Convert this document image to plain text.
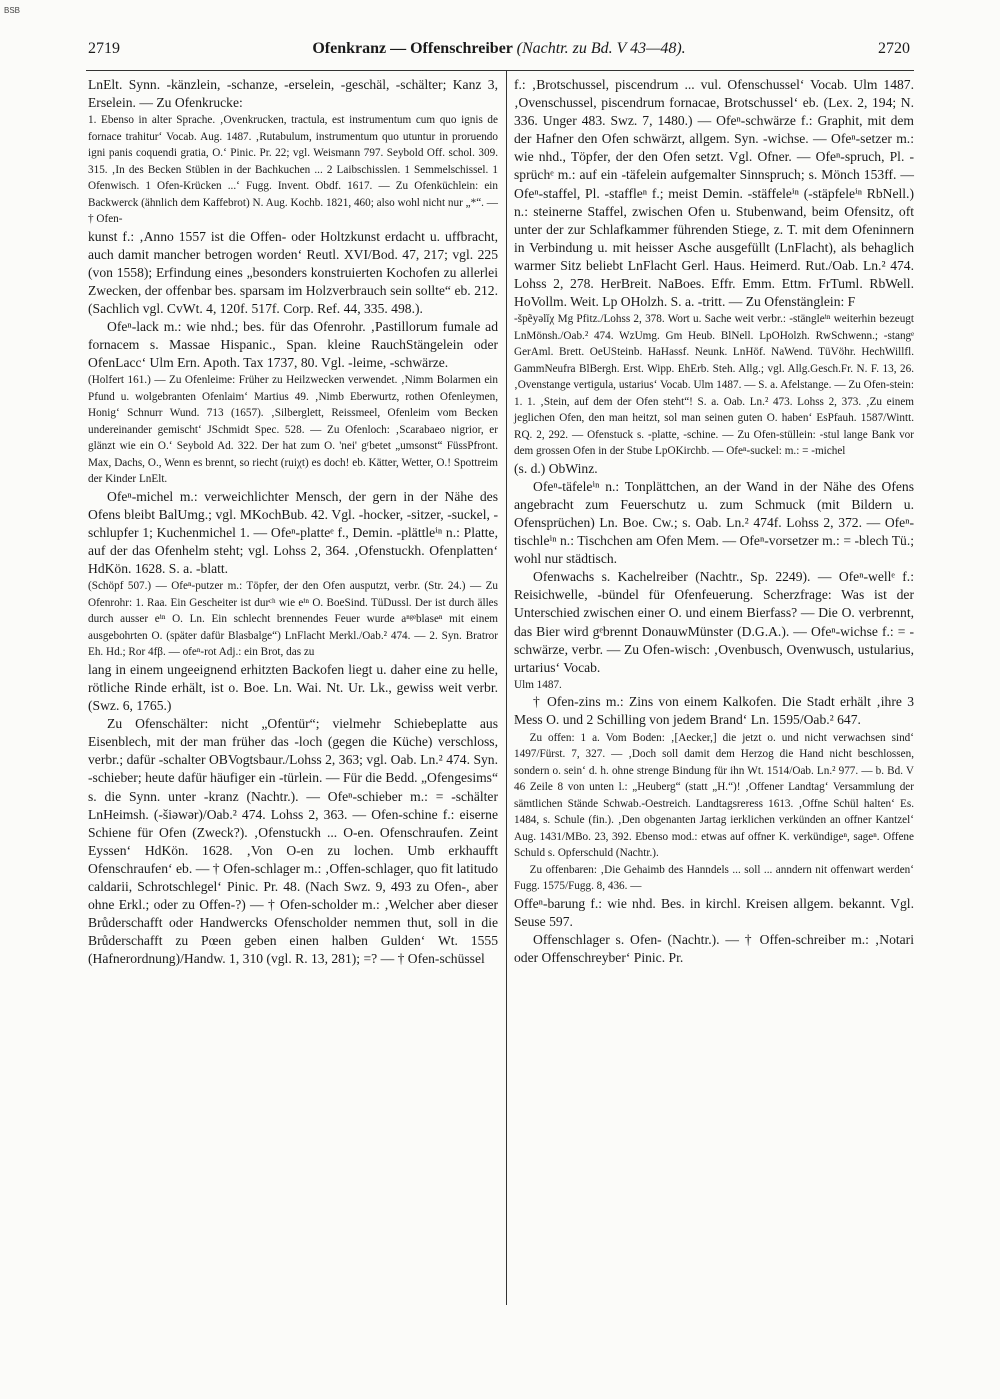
BSB
2719	Ofenkranz — Offenschreiber (Nachtr. zu Bd. V 43—48).	2720

LnElt. Synn. -känzlein, -schanze, -erselein, -geschäl, -schälter; Kanz 3, Erselein. — Zu Ofenkrucke:

1. Ebenso in alter Sprache. ‚Ovenkrucken, tractula, est instrumentum cum quo ignis de fornace trahitur‘ Vocab. Aug. 1487. ‚Rutabulum, instrumentum quo utuntur in proruendo igni panis coquendi gratia, O.‘ Pinic. Pr. 22; vgl. Weismann 797. Seybold Off. schol. 309. 315. ‚In des Becken Stüblen in der Bachkuchen ... 2 Laibschisslen. 1 Semmelschissel. 1 Ofenwisch. 1 Ofen-Krücken ...‘ Fugg. Invent. Obdf. 1617. — Zu Ofenküchlein: ein Backwerck (ähnlich dem Kaffebrot) N. Aug. Kochb. 1821, 460; also wohl nicht nur „*“. — † Ofen-

kunst f.: ‚Anno 1557 ist die Offen- oder Holtzkunst erdacht u. uffbracht, auch damit mancher betrogen worden‘ Reutl. XVI/Bod. 47, 217; vgl. 225 (von 1558); Erfindung eines „besonders konstruierten Kochofen zu allerlei Zwecken, der offenbar bes. sparsam im Holzverbrauch sein sollte“ eb. 212. (Sachlich vgl. CvWt. 4, 120f. 517f. Corp. Ref. 44, 335. 498.).

Ofeⁿ-lack m.: wie nhd.; bes. für das Ofenrohr. ‚Pastillorum fumale ad fornacem s. Massae Hispanic., Span. kleine RauchStängelein oder OfenLacc‘ Ulm Ern. Apoth. Tax 1737, 80. Vgl. -leime, -schwärze.

(Holfert 161.) — Zu Ofenleime: Früher zu Heilzwecken verwendet. ‚Nimm Bolarmen ein Pfund u. wolgebranten Ofenlaim‘ Martius 49. ‚Nimb Eberwurtz, rothen Ofenleymen, Honig‘ Schnurr Wund. 713 (1657). ‚Silberglett, Reissmeel, Ofenleim vom Becken undereinander gemischt‘ JSchmidt Spec. 528. — Zu Ofenloch: ‚Scarabaeo nigrior, er glänzt wie ein O.‘ Seybold Ad. 322. Der hat zum O. 'nei' gʳbetet „umsonst“ FüssPfront. Max, Dachs, O., Wenn es brennt, so riecht (ruiχt) es doch! eb. Kätter, Wetter, O.! Spottreim der Kinder LnElt.

Ofeⁿ-michel m.: verweichlichter Mensch, der gern in der Nähe des Ofens bleibt BalUmg.; vgl. MKochBub. 42. Vgl. -hocker, -sitzer, -suckel, -schlupfer 1; Kuchenmichel 1. — Ofeⁿ-platteᵉ f., Demin. -plättleⁱⁿ n.: Platte, auf der das Ofenhelm steht; vgl. Lohss 2, 364. ‚Ofenstuckh. Ofenplatten‘ HdKön. 1628. S. a. -blatt.

(Schöpf 507.) — Ofeⁿ-putzer m.: Töpfer, der den Ofen ausputzt, verbr. (Str. 24.) — Zu Ofenrohr: 1. Raa. Ein Gescheiter ist durᶜʰ wie eⁱⁿ O. BoeSind. TüDussl. Der ist durch älles durch ausser eⁱⁿ O. Ln. Ein schlecht brennendes Feuer wurde aⁿᵍᵉblaseⁿ mit einem ausgebohrten O. (später dafür Blasbalge“) LnFlacht Merkl./Oab.² 474. — 2. Syn. Bratror Eh. Hd.; Ror 4fβ. — ofeⁿ-rot Adj.: ein Brot, das zu

lang in einem ungeeignend erhitzten Backofen liegt u. daher eine zu helle, rötliche Rinde erhält, ist o. Boe. Ln. Wai. Nt. Ur. Lk., gewiss weit verbr. (Swz. 6, 1765.)

Zu Ofenschälter: nicht „Ofentür“; vielmehr Schiebeplatte aus Eisenblech, mit der man früher das -loch (gegen die Küche) verschloss, verbr.; dafür -schalter OBVogtsbaur./Lohss 2, 363; vgl. Oab. Ln.² 474. Syn. -schieber; heute dafür häufiger ein -türlein. — Für die Bedd. „Ofengesims“ s. die Synn. unter -kranz (Nachtr.). — Ofeⁿ-schieber m.: = -schälter LnHeimsh. (-šiəwər)/Oab.² 474. Lohss 2, 363. — Ofen-schine f.: eiserne Schiene für Ofen (Zweck?). ‚Ofenstuckh ... O-en. Ofenschraufen. Zeint Eyssen‘ HdKön. 1628. ‚Von O-en zu lochen. Umb erkhaufft Ofenschraufen‘ eb. — † Ofen-schlager m.: ‚Offen-schlager, quo fit latitudo caldarii, Schrotschlegel‘ Pinic. Pr. 48. (Nach Swz. 9, 493 zu Ofen-, aber ohne Erkl.; oder zu Offen-?) — † Ofen-scholder m.: ‚Welcher aber dieser Brůderschafft oder Handwercks Ofenscholder nemmen thut, soll in die Brůderschafft zu Pœen geben einen halben Gulden‘ Wt. 1555 (Hafnerordnung)/Handw. 1, 310 (vgl. R. 13, 281); =? — † Ofen-schüssel

f.: ‚Brotschussel, piscendrum ... vul. Ofenschussel‘ Vocab. Ulm 1487. ‚Ovenschussel, piscendrum fornacae, Brotschussel‘ eb. (Lex. 2, 194; N. 336. Unger 483. Swz. 7, 1480.) — Ofeⁿ-schwärze f.: Graphit, mit dem der Hafner den Ofen schwärzt, allgem. Syn. -wichse. — Ofeⁿ-setzer m.: wie nhd., Töpfer, der den Ofen setzt. Vgl. Ofner. — Ofeⁿ-spruch, Pl. -sprüchᵉ m.: auf ein -täfelein aufgemalter Sinnspruch; s. Mönch 153ff. — Ofeⁿ-staffel, Pl. -staffleⁿ f.; meist Demin. -stäffeleⁱⁿ (-stäpfeleⁱⁿ RbNell.) n.: steinerne Staffel, zwischen Ofen u. Stubenwand, beim Ofensitz, oft unter der zur Schlafkammer führenden Stiege, z. T. mit dem Ofeninnern in Verbindung u. mit heisser Asche ausgefüllt (LnFlacht), als behaglich warmer Sitz beliebt LnFlacht Gerl. Haus. Heimerd. Rut./Oab. Ln.² 474. Lohss 2, 278. HerBreit. NaBoes. Effr. Emm. Ettm. FrTuml. RbWell. HoVollm. Weit. Lp OHolzh. S. a. -tritt. — Zu Ofenstänglein: F

-špẽyəlĭχ Mg Pfitz./Lohss 2, 378. Wort u. Sache weit verbr.: -stängleⁱⁿ weiterhin bezeugt LnMönsh./Oab.² 474. WzUmg. Gm Heub. BlNell. LpOHolzh. RwSchwenn.; -stangᵉ GerAml. Brett. OeUSteinb. HaHassf. Neunk. LnHöf. NaWend. TüVöhr. HechWillfl. GammNeufra BlBergh. Erst. Wipp. EhErb. Steh. Allg.; vgl. Allg.Gesch.Fr. N. F. 13, 26. ‚Ovenstange vertigula, ustarius‘ Vocab. Ulm 1487. — S. a. Afelstange. — Zu Ofen-stein: 1. 1. ‚Stein, auf dem der Ofen steht“! S. a. Oab. Ln.² 473. Lohss 2, 373. ‚Zu einem jeglichen Ofen, den man heitzt, sol man seinen guten O. haben‘ EsPfauh. 1587/Wintt. RQ. 2, 292. — Ofenstuck s. -platte, -schine. — Zu Ofen-stüllein: -stul lange Bank vor dem grossen Ofen in der Stube LpOKirchb. — Ofeⁿ-suckel: m.: = -michel

(s. d.) ObWinz.

Ofeⁿ-täfeleⁱⁿ n.: Tonplättchen, an der Wand in der Nähe des Ofens angebracht zum Feuerschutz u. zum Schmuck (mit Bildern u. Ofensprüchen) Ln. Boe. Cw.; s. Oab. Ln.² 474f. Lohss 2, 372. — Ofeⁿ-tischleⁱⁿ n.: Tischchen am Ofen Mem. — Ofeⁿ-vorsetzer m.: = -blech Tü.; wohl nur städtisch.

Ofenwachs s. Kachelreiber (Nachtr., Sp. 2249). — Ofeⁿ-wellᵉ f.: Reisichwelle, -bündel für Ofenfeuerung. Scherzfrage: Was ist der Unterschied zwischen einer O. und einem Bierfass? — Die O. verbrennt, das Bier wird gᵉbrennt DonauwMünster (D.G.A.). — Ofeⁿ-wichse f.: = -schwärze, verbr. — Zu Ofen-wisch: ‚Ovenbusch, Ovenwusch, ustularius, urtarius‘ Vocab.

Ulm 1487.

† Ofen-zins m.: Zins von einem Kalkofen. Die Stadt erhält ‚ihre 3 Mess O. und 2 Schilling von jedem Brand‘ Ln. 1595/Oab.² 647.

Zu offen: 1 a. Vom Boden: ‚[Aecker,] die jetzt o. und nicht verwachsen sind‘ 1497/Fürst. 7, 327. — ‚Doch soll damit dem Herzog die Hand nicht beschlossen, sondern o. sein‘ d. h. ohne strenge Bindung für ihn Wt. 1514/Oab. Ln.² 977. — b. Bd. V 46 Zeile 8 von unten l.: „Heuberg“ (statt „H.“)! ‚Offener Landtag‘ Versammlung der sämtlichen Stände Schwab.-Oestreich. Landtagsreress 1613. ‚Offne Schül halten‘ Es. 1484, s. Schule (fin.). ‚Den obgenanten Jartag ierklichen verkünden an offner Kantzel‘ Aug. 1431/MBo. 23, 392. Ebenso mod.: etwas auf offner K. verkündigeⁿ, sageⁿ. Offene Schuld s. Opferschuld (Nachtr.).

Zu offenbaren: ‚Die Gehaimb des Hanndels ... soll ... anndern nit offenwart werden‘ Fugg. 1575/Fugg. 8, 436. —

Offeⁿ-barung f.: wie nhd. Bes. in kirchl. Kreisen allgem. bekannt. Vgl. Seuse 597.

Offenschlager s. Ofen- (Nachtr.). — † Offen-schreiber m.: ‚Notari oder Offenschreyber‘ Pinic. Pr.
